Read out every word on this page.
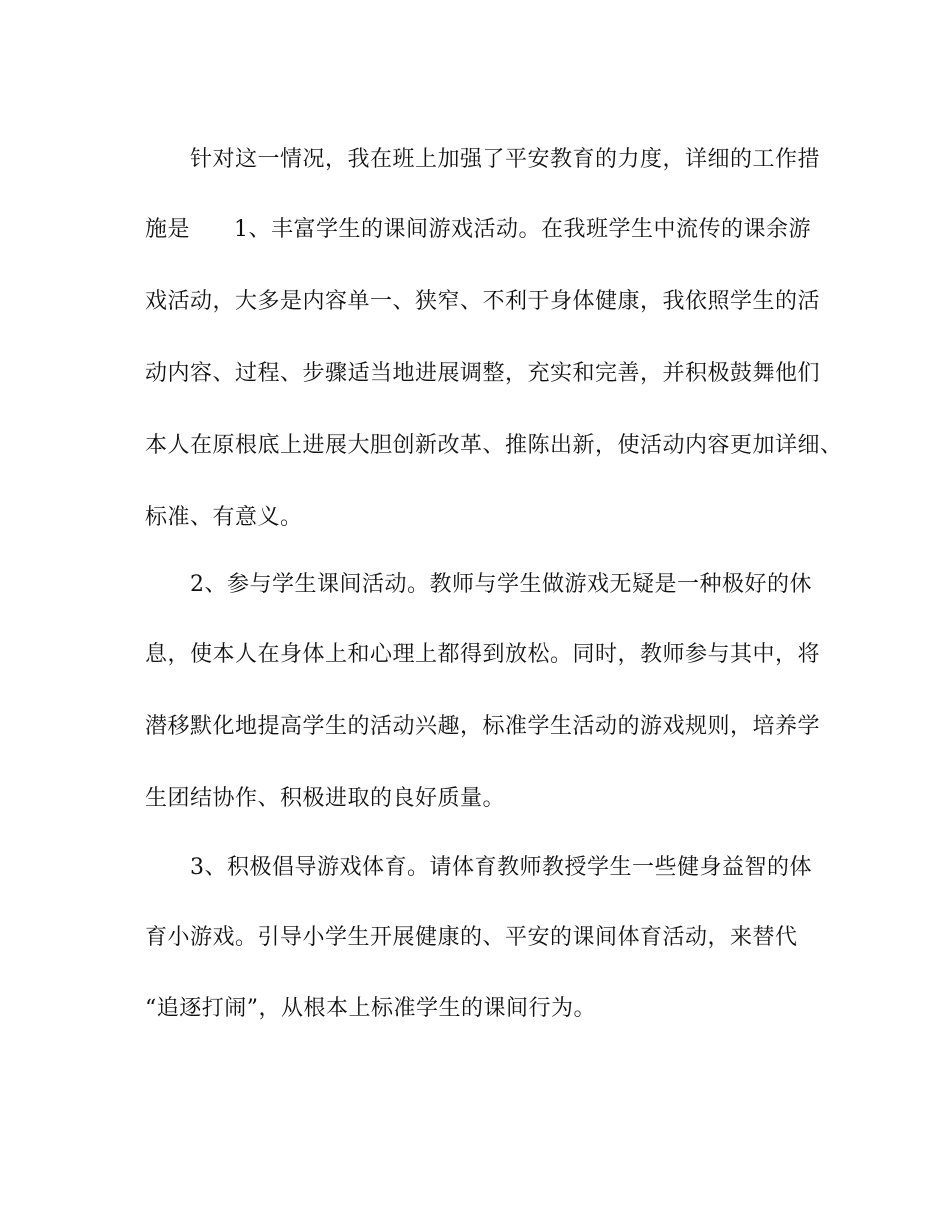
针对这一情况，我在班上加强了平安教育的力度，详细的工作措
施是 1、丰富学生的课间游戏活动。在我班学生中流传的课余游
戏活动，大多是内容单一、狭窄、不利于身体健康，我依照学生的活
动内容、过程、步骤适当地进展调整，充实和完善，并积极鼓舞他们
本人在原根底上进展大胆创新改革、推陈出新，使活动内容更加详细、
标准、有意义。
2、参与学生课间活动。教师与学生做游戏无疑是一种极好的休
息，使本人在身体上和心理上都得到放松。同时，教师参与其中，将
潜移默化地提高学生的活动兴趣，标准学生活动的游戏规则，培养学
生团结协作、积极进取的良好质量。
3、积极倡导游戏体育。请体育教师教授学生一些健身益智的体
育小游戏。引导小学生开展健康的、平安的课间体育活动，来替代
“追逐打闹”，从根本上标准学生的课间行为。
